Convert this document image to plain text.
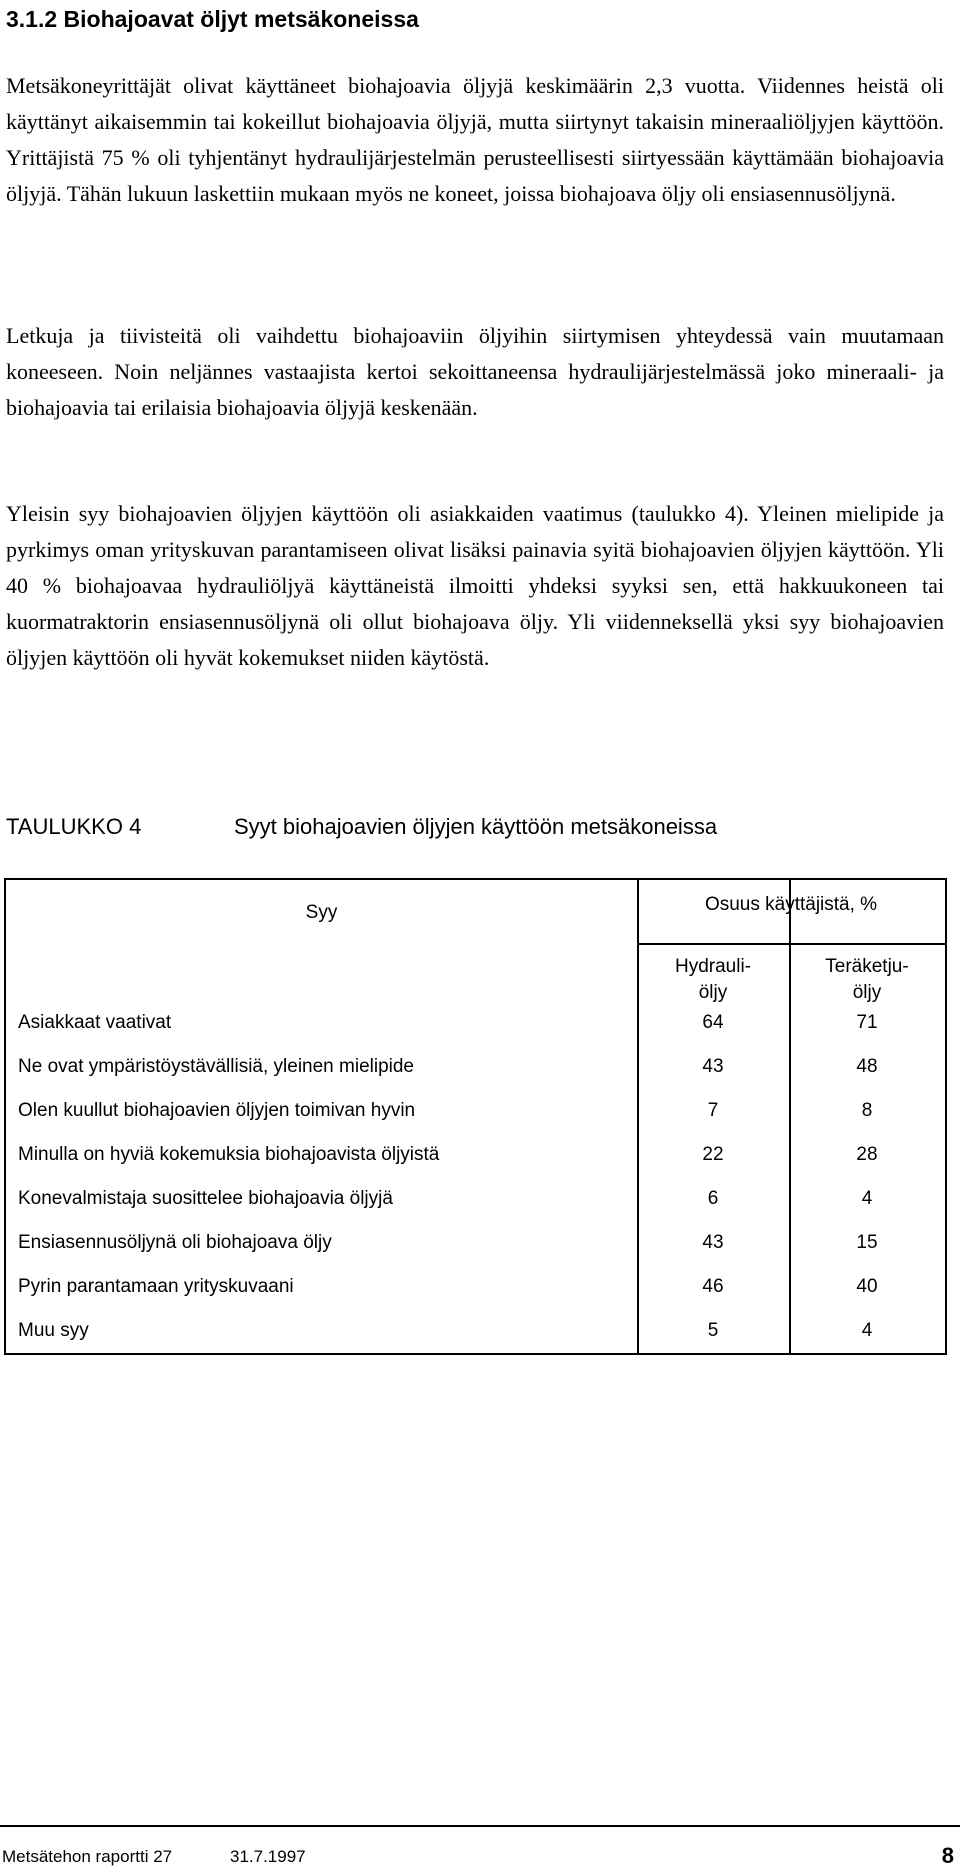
3.1.2 Biohajoavat öljyt metsäkoneissa

Metsäkoneyrittäjät olivat käyttäneet biohajoavia öljyjä keskimäärin 2,3 vuotta. Viidennes heistä oli käyttänyt aikaisemmin tai kokeillut biohajoavia öljyjä, mutta siirtynyt takaisin mineraaliöljyjen käyttöön. Yrittäjistä 75 % oli tyhjentänyt hydraulijärjestelmän perusteellisesti siirtyessään käyttämään biohajoavia öljyjä. Tähän lukuun laskettiin mukaan myös ne koneet, joissa biohajoava öljy oli ensiasennusöljynä.

Letkuja ja tiivisteitä oli vaihdettu biohajoaviin öljyihin siirtymisen yhteydessä vain muutamaan koneeseen. Noin neljännes vastaajista kertoi sekoittaneensa hydraulijärjestelmässä joko mineraali- ja biohajoavia tai erilaisia biohajoavia öljyjä keskenään.

Yleisin syy biohajoavien öljyjen käyttöön oli asiakkaiden vaatimus (taulukko 4). Yleinen mielipide ja pyrkimys oman yrityskuvan parantamiseen olivat lisäksi painavia syitä biohajoavien öljyjen käyttöön. Yli 40 % biohajoavaa hydrauliöljyä käyttäneistä ilmoitti yhdeksi syyksi sen, että hakkuukoneen tai kuormatraktorin ensiasennusöljynä oli ollut biohajoava öljy. Yli viidenneksellä yksi syy biohajoavien öljyjen käyttöön oli hyvät kokemukset niiden käytöstä.

TAULUKKO 4	Syyt biohajoavien öljyjen käyttöön metsäkoneissa
Syy	Osuus käyttäjistä, %
Hydrauli-
öljy
Teräketju-
öljy
Asiakkaat vaativat	64	71
Ne ovat ympäristöystävällisiä, yleinen mielipide	43	48
Olen kuullut biohajoavien öljyjen toimivan hyvin	7	8
Minulla on hyviä kokemuksia biohajoavista öljyistä	22	28
Konevalmistaja suosittelee biohajoavia öljyjä	6	4
Ensiasennusöljynä oli biohajoava öljy	43	15
Pyrin parantamaan yrityskuvaani	46	40
Muu syy	5	4
Metsätehon raportti 27	31.7.1997	8
